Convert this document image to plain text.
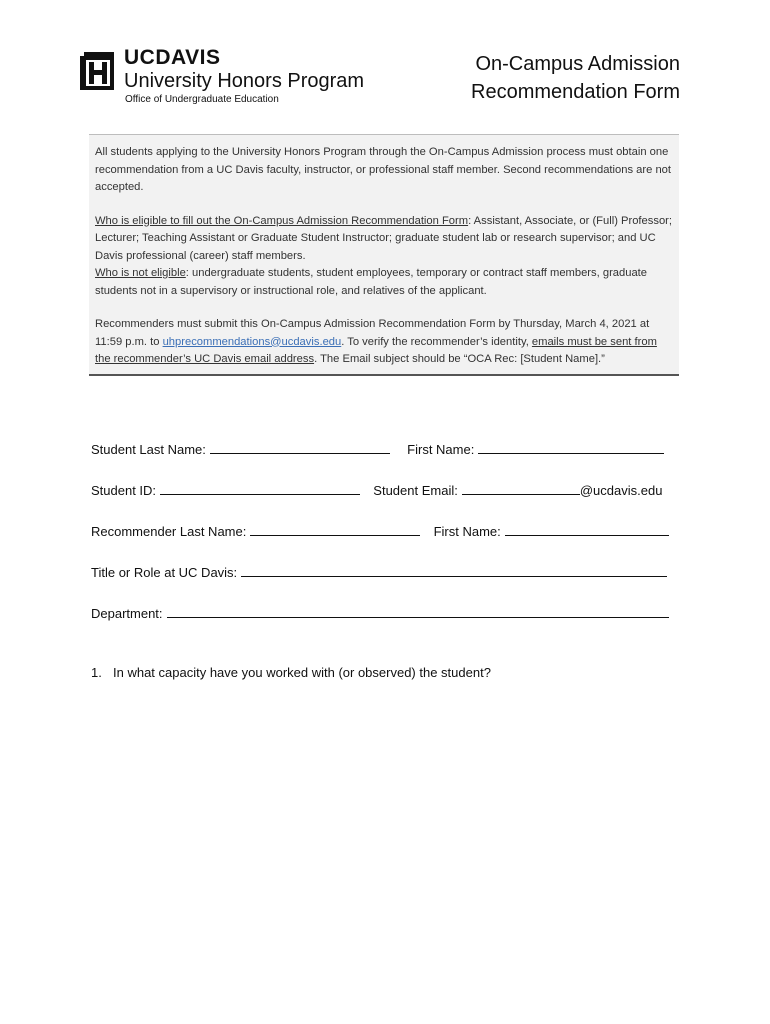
UCDAVIS
University Honors Program
Office of Undergraduate Education
On-Campus Admission
Recommendation Form

All students applying to the University Honors Program through the On-Campus Admission process must obtain one recommendation from a UC Davis faculty, instructor, or professional staff member. Second recommendations are not accepted.

Who is eligible to fill out the On-Campus Admission Recommendation Form: Assistant, Associate, or (Full) Professor; Lecturer; Teaching Assistant or Graduate Student Instructor; graduate student lab or research supervisor; and UC Davis professional (career) staff members.

Who is not eligible: undergraduate students, student employees, temporary or contract staff members, graduate students not in a supervisory or instructional role, and relatives of the applicant.

Recommenders must submit this On-Campus Admission Recommendation Form by Thursday, March 4, 2021 at 11:59 p.m. to uhprecommendations@ucdavis.edu. To verify the recommender’s identity, emails must be sent from the recommender’s UC Davis email address. The Email subject should be “OCA Rec: [Student Name].”

Student Last Name:	First Name:
Student ID:	Student Email:	@ucdavis.edu
Recommender Last Name:	First Name:
Title or Role at UC Davis:
Department:
1. In what capacity have you worked with (or observed) the student?
